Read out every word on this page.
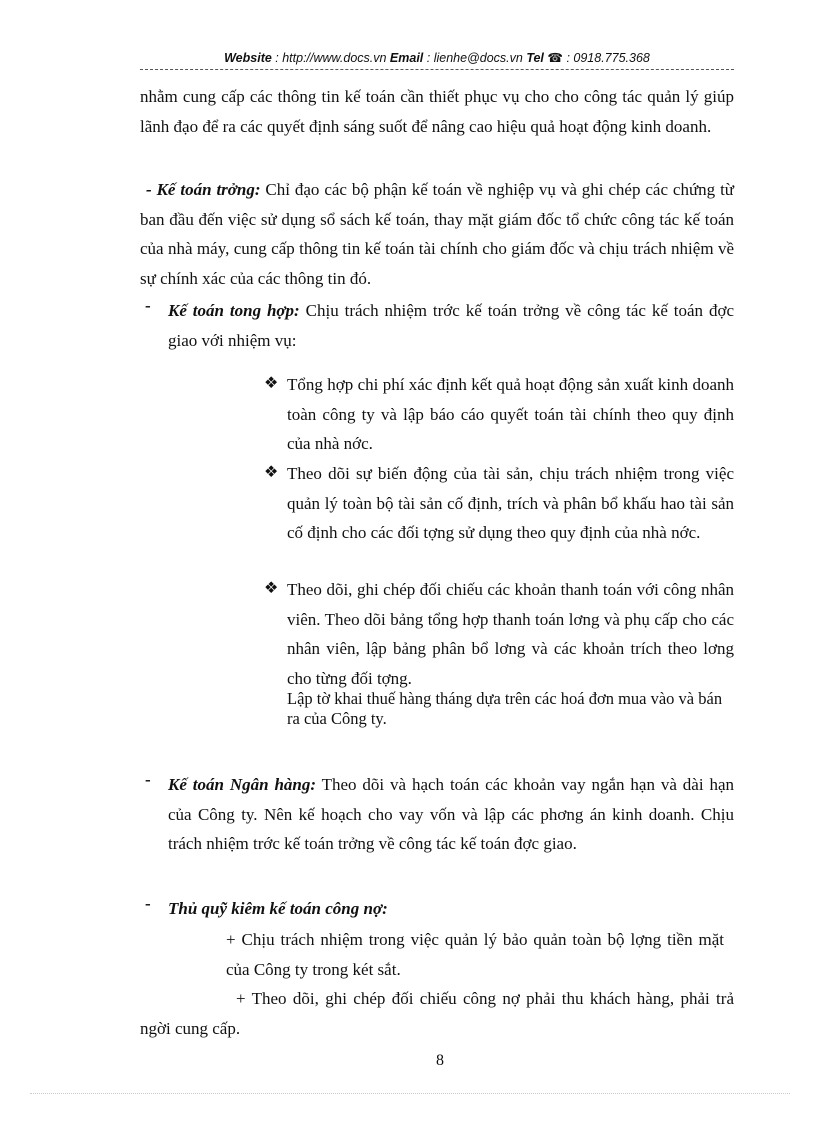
Website : http://www.docs.vn Email : lienhe@docs.vn Tel ☎ : 0918.775.368
nhằm cung cấp các thông tin kế toán cần thiết phục vụ cho cho công tác quản lý giúp lãnh đạo để ra các quyết định sáng suốt để nâng cao hiệu quả hoạt động kinh doanh.
- Kế toán trởng: Chỉ đạo các bộ phận kế toán về nghiệp vụ và ghi chép các chứng từ ban đầu đến việc sử dụng sổ sách kế toán, thay mặt giám đốc tổ chức công tác kế toán của nhà máy, cung cấp thông tin kế toán tài chính cho giám đốc và chịu trách nhiệm về sự chính xác của các thông tin đó.
- Kế toán tong hợp: Chịu trách nhiệm trớc kế toán trởng về công tác kế toán đợc giao với nhiệm vụ:
❖ Tổng hợp chi phí xác định kết quả hoạt động sản xuất kinh doanh toàn công ty và lập báo cáo quyết toán tài chính theo quy định của nhà nớc.
❖ Theo dõi sự biến động của tài sản, chịu trách nhiệm trong việc quản lý toàn bộ tài sản cố định, trích và phân bổ khấu hao tài sản cố định cho các đối tợng sử dụng theo quy định của nhà nớc.
❖ Theo dõi, ghi chép đối chiếu các khoản thanh toán với công nhân viên. Theo dõi bảng tổng hợp thanh toán lơng và phụ cấp cho các nhân viên, lập bảng phân bổ lơng và các khoản trích theo lơng cho từng đối tợng.
Lập tờ khai thuế hàng tháng dựa trên các hoá đơn mua vào và bán ra của Công ty.
- Kế toán Ngân hàng: Theo dõi và hạch toán các khoản vay ngắn hạn và dài hạn của Công ty. Nên kế hoạch cho vay vốn và lập các phơng án kinh doanh. Chịu trách nhiệm trớc kế toán trởng về công tác kế toán đợc giao.
- Thủ quỹ kiêm kế toán công nợ:
+ Chịu trách nhiệm trong việc quản lý bảo quản toàn bộ lợng tiền mặt của Công ty trong két sắt.
+ Theo dõi, ghi chép đối chiếu công nợ phải thu khách hàng, phải trả ngời cung cấp.
8
